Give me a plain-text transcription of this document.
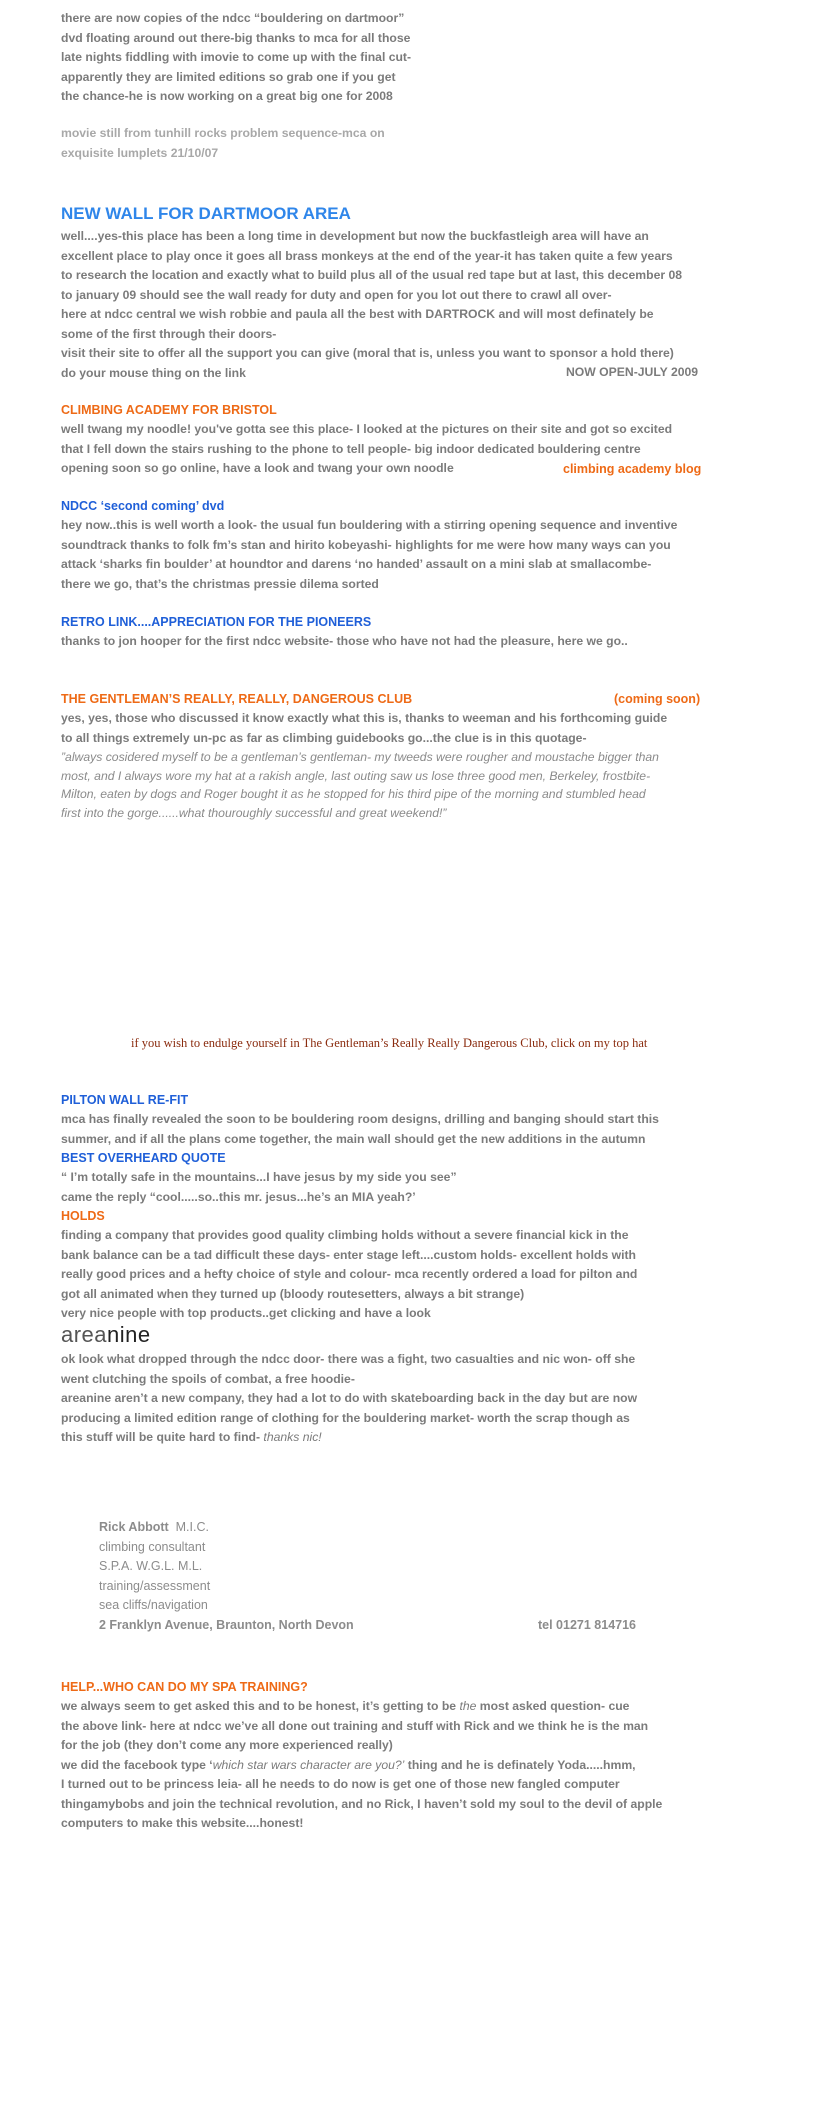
there are now copies of the ndcc “bouldering on dartmoor”
dvd floating around out there-big thanks to mca for all those
late nights fiddling with imovie to come up with the final cut-
apparently they are limited editions so grab one if you get
the chance-he is now working on a great big one for 2008
movie still from tunhill rocks problem sequence-mca on
exquisite lumplets 21/10/07
NEW WALL FOR DARTMOOR AREA
well....yes-this place has been a long time in development but now the buckfastleigh area will have an
excellent place to play once it goes all brass monkeys at the end of the year-it has taken quite a few years
to research the location and exactly what to build plus all of the usual red tape but at last, this december 08
to january 09 should see the wall ready for duty and open for you lot out there to crawl all over-
here at ndcc central we wish robbie and paula all the best with DARTROCK and will most definately be
some of the first through their doors-
visit their site to offer all the support you can give (moral that is, unless you want to sponsor a hold there)
do your mouse thing on the link	NOW OPEN-JULY 2009
CLIMBING ACADEMY FOR BRISTOL
well twang my noodle! you've gotta see this place- I looked at the pictures on their site and got so excited
that I fell down the stairs rushing to the phone to tell people- big indoor dedicated bouldering centre
opening soon so go online, have a look and twang your own noodle	climbing academy blog
NDCC ‘second coming’ dvd
hey now..this is well worth a look- the usual fun bouldering with a stirring opening sequence and inventive
soundtrack thanks to folk fm’s stan and hirito kobeyashi- highlights for me were how many ways can you
attack ‘sharks fin boulder’ at houndtor and darens ‘no handed’ assault on a mini slab at smallacombe-
there we go, that’s the christmas pressie dilema sorted
RETRO LINK....APPRECIATION FOR THE PIONEERS
thanks to jon hooper for the first ndcc website- those who have not had the pleasure, here we go..
THE GENTLEMAN’S REALLY, REALLY, DANGEROUS CLUB	(coming soon)
yes, yes, those who discussed it know exactly what this is, thanks to weeman and his forthcoming guide
to all things extremely un-pc as far as climbing guidebooks go...the clue is in this quotage-
”always cosidered myself to be a gentleman’s gentleman- my tweeds were rougher and moustache bigger than
most, and I always wore my hat at a rakish angle, last outing saw us lose three good men, Berkeley, frostbite-
Milton, eaten by dogs and Roger bought it as he stopped for his third pipe of the morning and stumbled head
first into the gorge......what thouroughly successful and great weekend!”
if you wish to endulge yourself in The Gentleman’s Really Really Dangerous Club, click on my top hat
PILTON WALL RE-FIT
mca has finally revealed the soon to be bouldering room designs, drilling and banging should start this
summer, and if all the plans come together, the main wall should get the new additions in the autumn
BEST OVERHEARD QUOTE
“ I’m totally safe in the mountains...I have jesus by my side you see”
came the reply “cool.....so..this mr. jesus...he’s an MIA yeah?’
HOLDS
finding a company that provides good quality climbing holds without a severe financial kick in the
bank balance can be a tad difficult these days- enter stage left....custom holds- excellent holds with
really good prices and a hefty choice of style and colour- mca recently ordered a load for pilton and
got all animated when they turned up (bloody routesetters, always a bit strange)
very nice people with top products..get clicking and have a look
areanine
ok look what dropped through the ndcc door- there was a fight, two casualties and nic won- off she
went clutching the spoils of combat, a free hoodie-
areanine aren’t a new company, they had a lot to do with skateboarding back in the day but are now
producing a limited edition range of clothing for the bouldering market- worth the scrap though as
this stuff will be quite hard to find- thanks nic!
Rick Abbott M.I.C.
climbing consultant
S.P.A. W.G.L. M.L.
training/assessment
sea cliffs/navigation
2 Franklyn Avenue, Braunton, North Devon	tel 01271 814716
HELP...WHO CAN DO MY SPA TRAINING?
we always seem to get asked this and to be honest, it’s getting to be the most asked question- cue
the above link- here at ndcc we’ve all done out training and stuff with Rick and we think he is the man
for the job (they don’t come any more experienced really)
we did the facebook type ‘which star wars character are you?’ thing and he is definately Yoda.....hmm,
I turned out to be princess leia- all he needs to do now is get one of those new fangled computer
thingamybobs and join the technical revolution, and no Rick, I haven’t sold my soul to the devil of apple
computers to make this website....honest!
